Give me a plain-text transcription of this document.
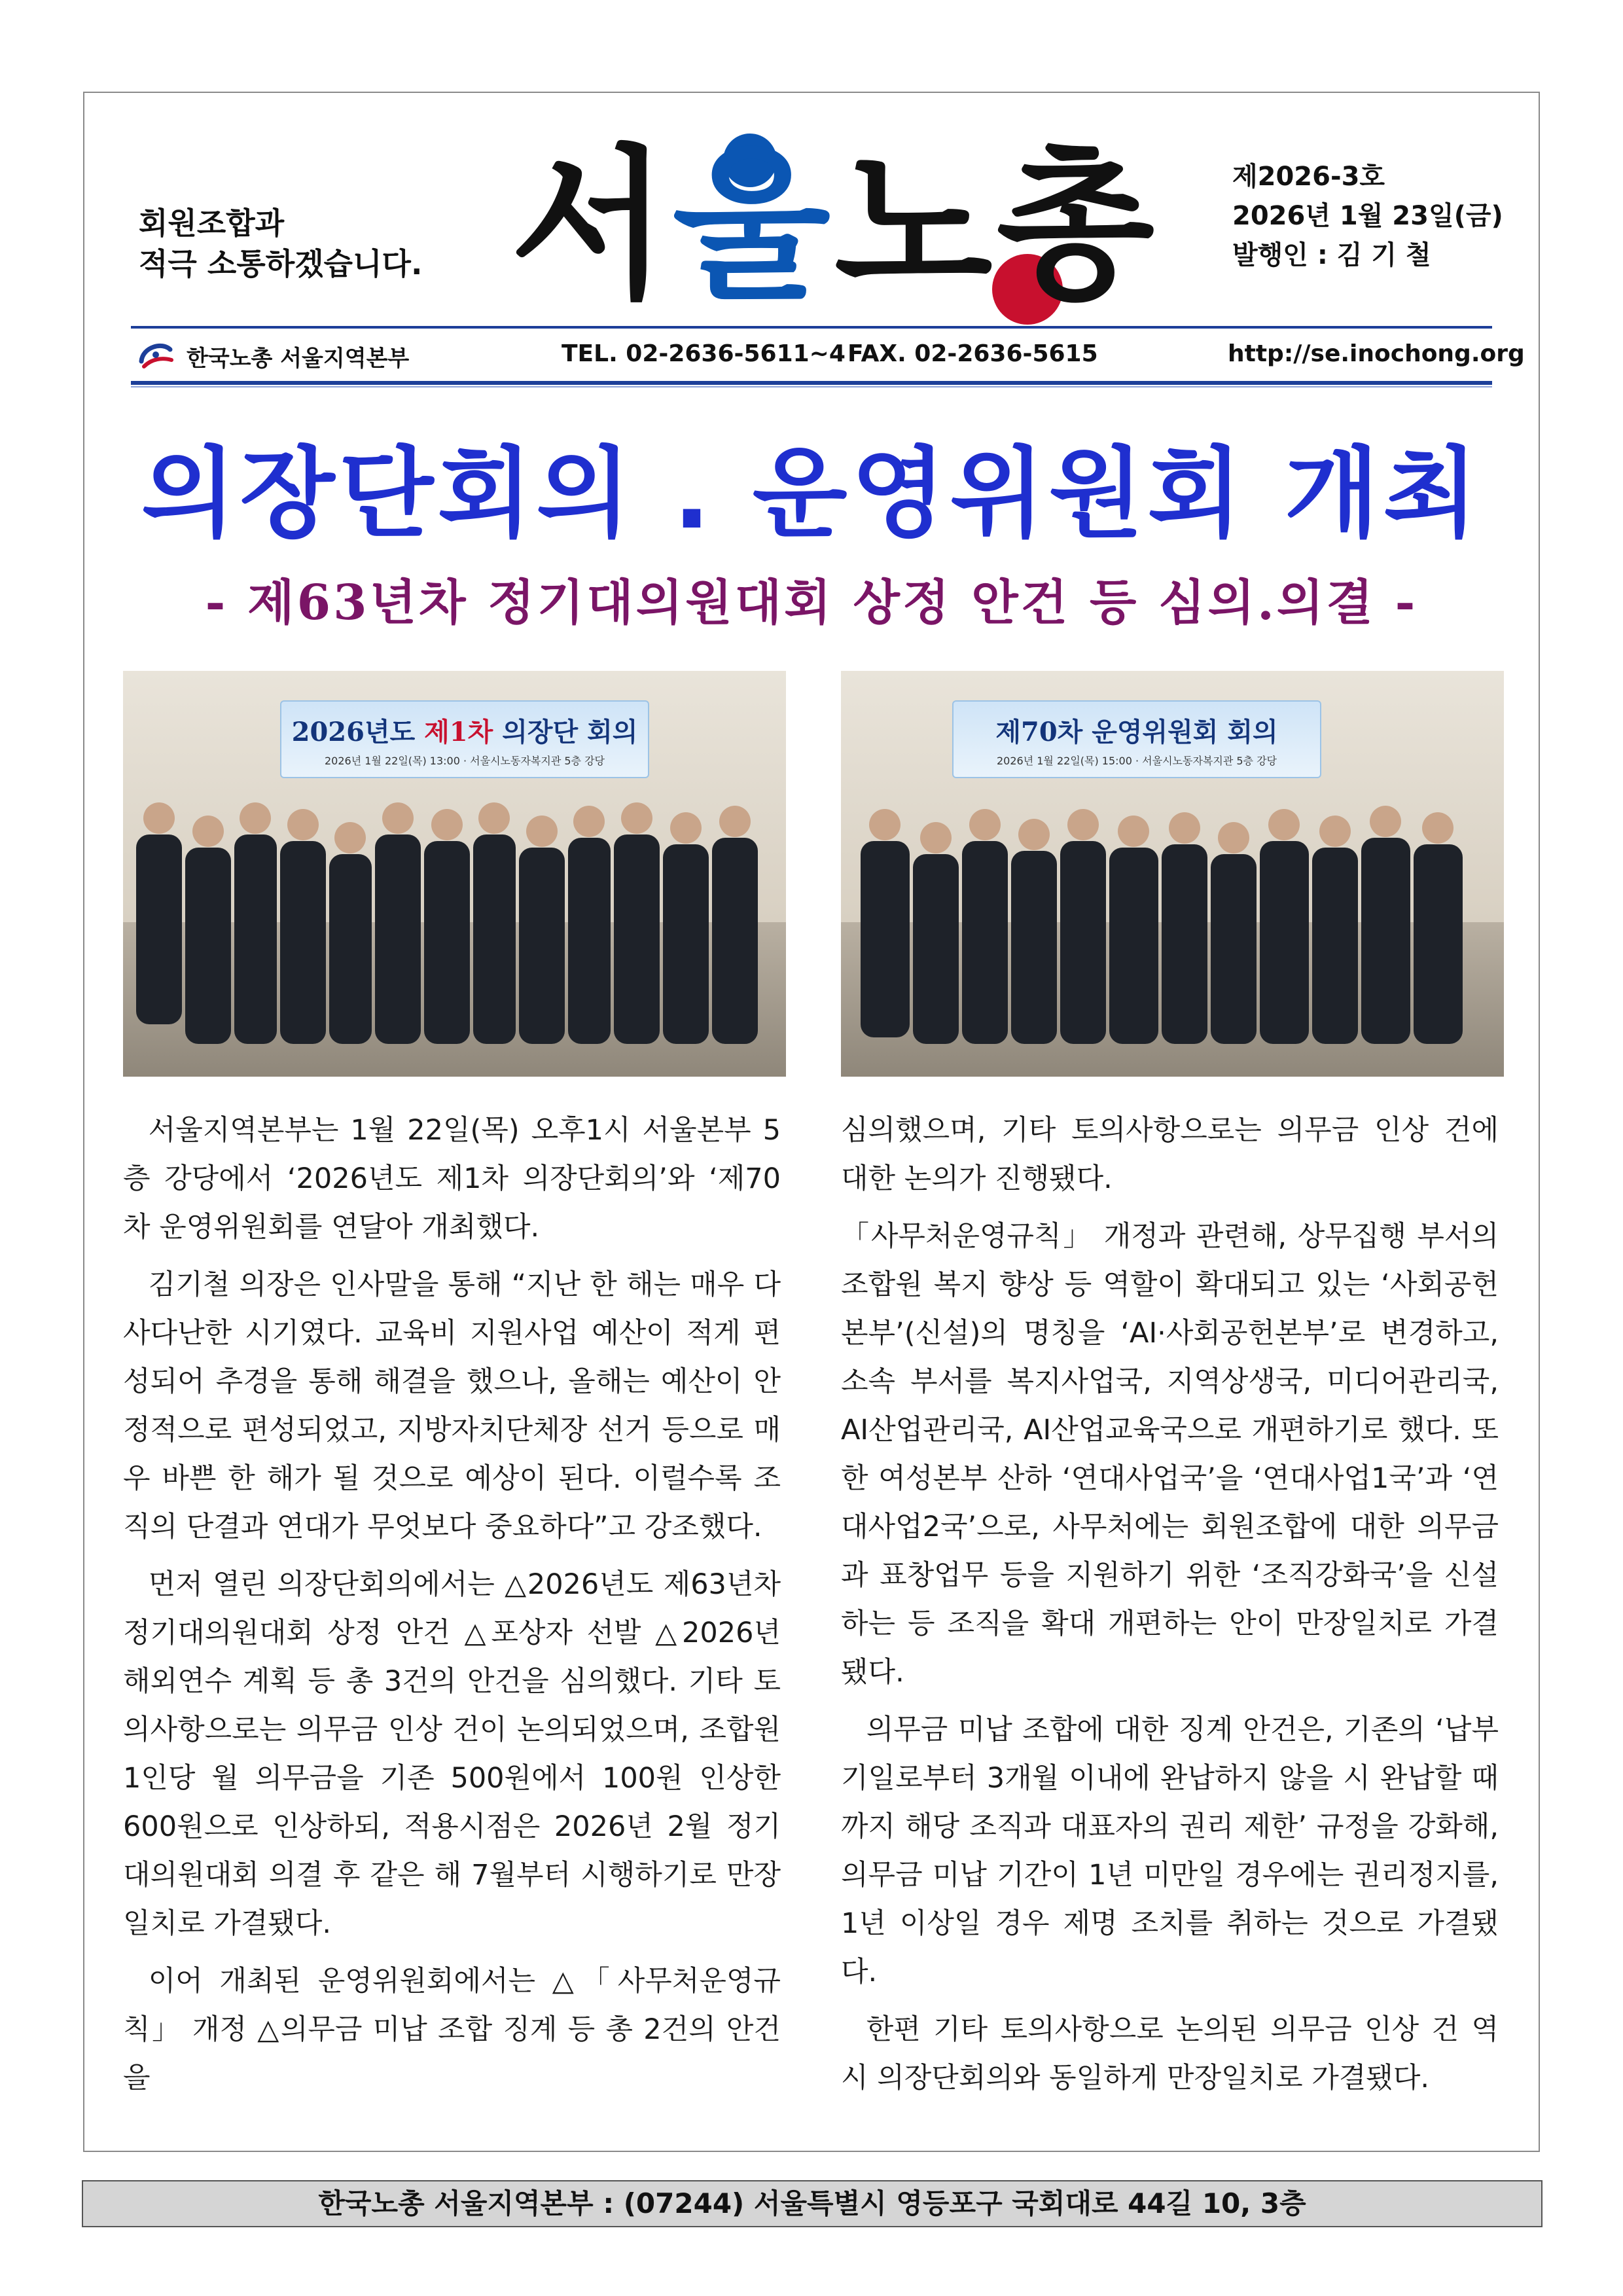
회원조합과
적극 소통하겠습니다. 서울노총	제2026-3호
2026년 1월 23일(금)
발행인 : 김 기 철
한국노총 서울지역본부	TEL. 02-2636-5611~4 FAX. 02-2636-5615	http://se.inochong.org
의장단회의 . 운영위원회 개최
- 제63년차 정기대의원대회 상정 안건 등 심의.의결 -
2026년도 제1차 의장단 회의
2026년 1월 22일(목) 13:00 · 서울시노동자복지관 5층 강당
제70차 운영위원회 회의
2026년 1월 22일(목) 15:00 · 서울시노동자복지관 5층 강당

서울지역본부는 1월 22일(목) 오후1시 서울본부 5층 강당에서 ‘2026년도 제1차 의장단회의’와 ‘제70차 운영위원회를 연달아 개최했다.

김기철 의장은 인사말을 통해 “지난 한 해는 매우 다사다난한 시기였다. 교육비 지원사업 예산이 적게 편성되어 추경을 통해 해결을 했으나, 올해는 예산이 안정적으로 편성되었고, 지방자치단체장 선거 등으로 매우 바쁜 한 해가 될 것으로 예상이 된다. 이럴수록 조직의 단결과 연대가 무엇보다 중요하다”고 강조했다.

먼저 열린 의장단회의에서는 △2026년도 제63년차 정기대의원대회 상정 안건 △포상자 선발 △2026년 해외연수 계획 등 총 3건의 안건을 심의했다. 기타 토의사항으로는 의무금 인상 건이 논의되었으며, 조합원 1인당 월 의무금을 기존 500원에서 100원 인상한 600원으로 인상하되, 적용시점은 2026년 2월 정기대의원대회 의결 후 같은 해 7월부터 시행하기로 만장일치로 가결됐다.

이어 개최된 운영위원회에서는 △「사무처운영규칙」 개정 △의무금 미납 조합 징계 등 총 2건의 안건을

심의했으며, 기타 토의사항으로는 의무금 인상 건에 대한 논의가 진행됐다.

「사무처운영규칙」 개정과 관련해, 상무집행 부서의 조합원 복지 향상 등 역할이 확대되고 있는 ‘사회공헌본부’(신설)의 명칭을 ‘AI·사회공헌본부’로 변경하고, 소속 부서를 복지사업국, 지역상생국, 미디어관리국, AI산업관리국, AI산업교육국으로 개편하기로 했다. 또한 여성본부 산하 ‘연대사업국’을 ‘연대사업1국’과 ‘연대사업2국’으로, 사무처에는 회원조합에 대한 의무금과 표창업무 등을 지원하기 위한 ‘조직강화국’을 신설하는 등 조직을 확대 개편하는 안이 만장일치로 가결됐다.

의무금 미납 조합에 대한 징계 안건은, 기존의 ‘납부 기일로부터 3개월 이내에 완납하지 않을 시 완납할 때까지 해당 조직과 대표자의 권리 제한’ 규정을 강화해, 의무금 미납 기간이 1년 미만일 경우에는 권리정지를, 1년 이상일 경우 제명 조치를 취하는 것으로 가결됐다.

한편 기타 토의사항으로 논의된 의무금 인상 건 역시 의장단회의와 동일하게 만장일치로 가결됐다.

한국노총 서울지역본부 : (07244) 서울특별시 영등포구 국회대로 44길 10, 3층
